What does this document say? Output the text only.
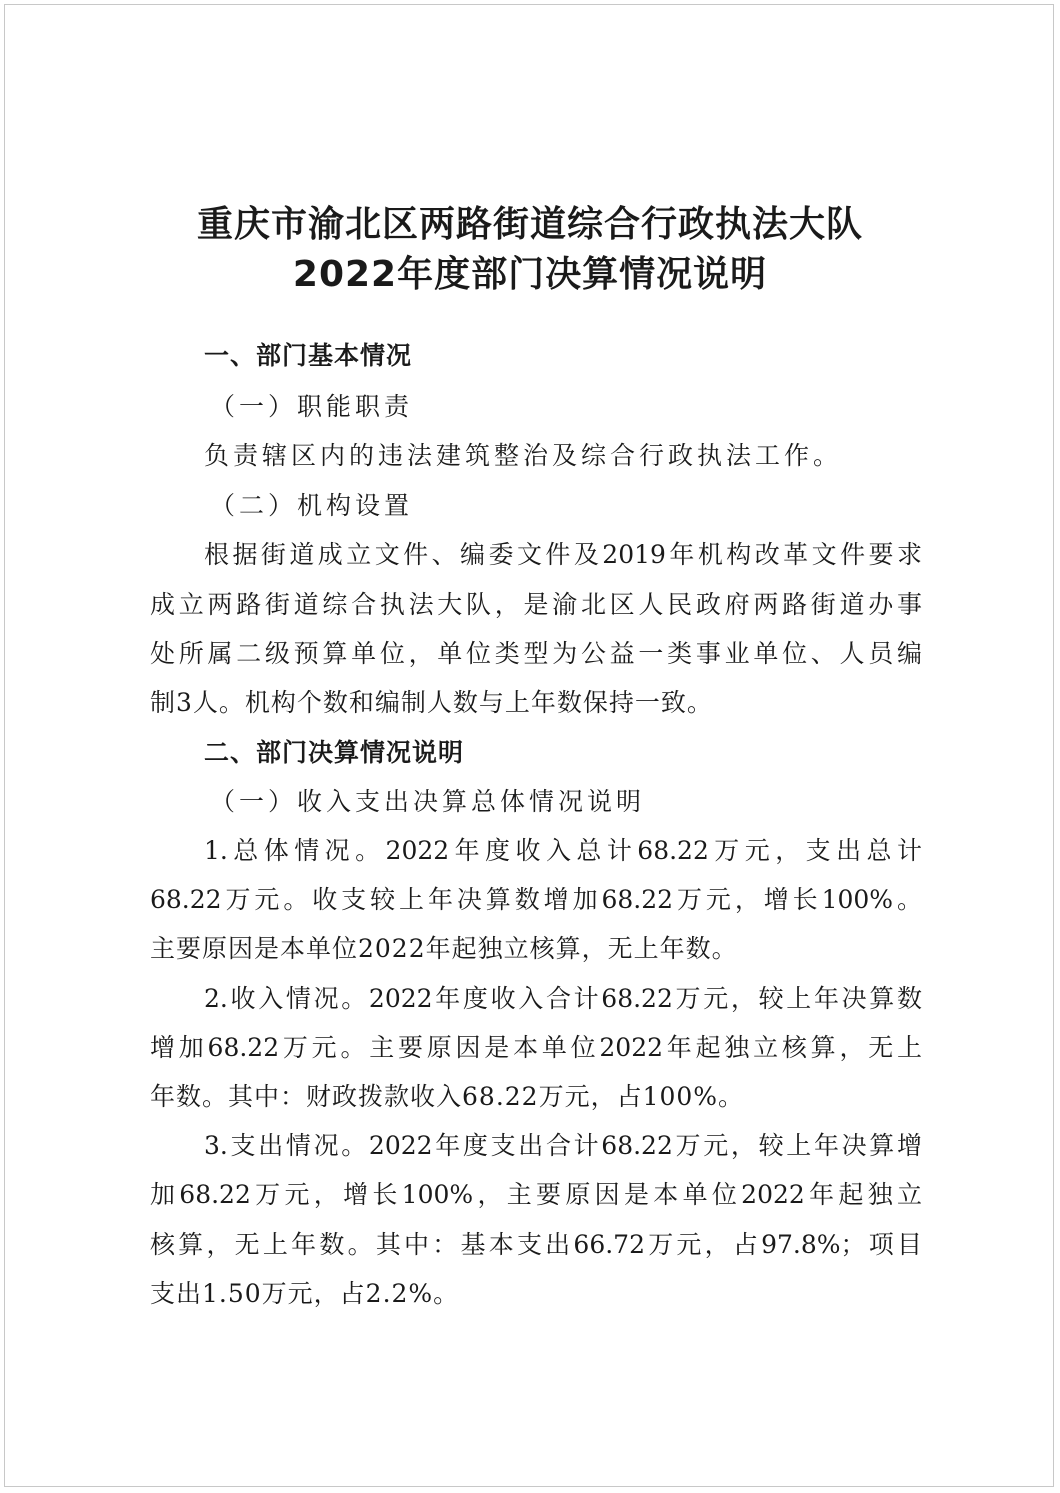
重庆市渝北区两路街道综合行政执法大队
2022年度部门决算情况说明
一、部门基本情况
（一）职能职责
负责辖区内的违法建筑整治及综合行政执法工作。
（二）机构设置
根据街道成立文件、编委文件及2019年机构改革文件要求
成立两路街道综合执法大队，是渝北区人民政府两路街道办事
处所属二级预算单位，单位类型为公益一类事业单位、人员编
制3人。机构个数和编制人数与上年数保持一致。
二、部门决算情况说明
（一）收入支出决算总体情况说明
1.总体情况。2022年度收入总计68.22万元，支出总计
68.22万元。收支较上年决算数增加68.22万元，增长100%。
主要原因是本单位2022年起独立核算，无上年数。
2.收入情况。2022年度收入合计68.22万元，较上年决算数
增加68.22万元。主要原因是本单位2022年起独立核算，无上
年数。其中：财政拨款收入68.22万元，占100%。
3.支出情况。2022年度支出合计68.22万元，较上年决算增
加68.22万元，增长100%，主要原因是本单位2022年起独立
核算，无上年数。其中：基本支出66.72万元，占97.8%；项目
支出1.50万元，占2.2%。
